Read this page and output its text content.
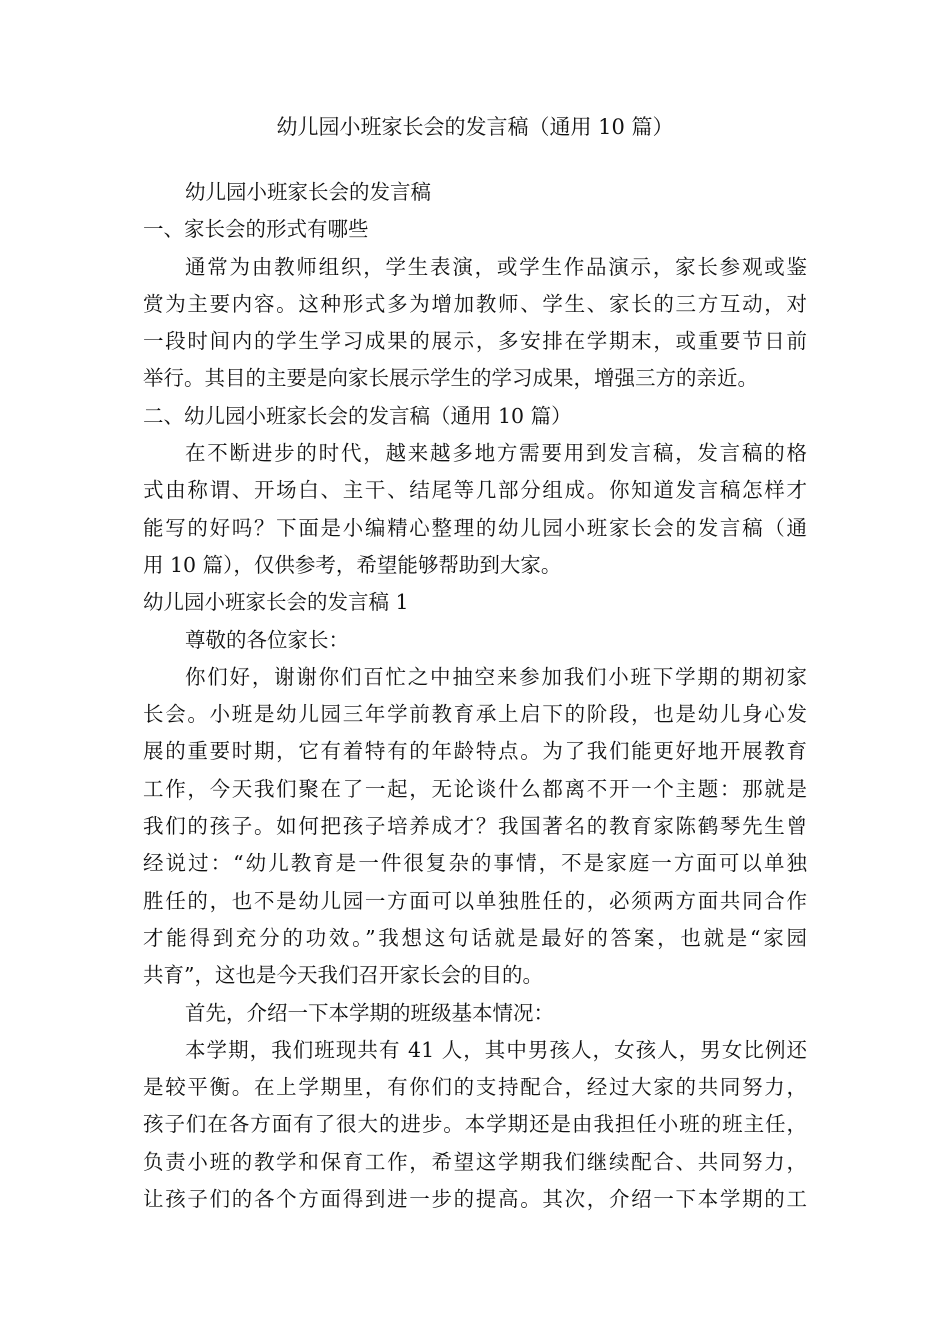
幼儿园小班家长会的发言稿（通用 10 篇）
幼儿园小班家长会的发言稿
一、家长会的形式有哪些
通常为由教师组织，学生表演，或学生作品演示，家长参观或鉴
赏为主要内容。这种形式多为增加教师、学生、家长的三方互动，对
一段时间内的学生学习成果的展示，多安排在学期末，或重要节日前
举行。其目的主要是向家长展示学生的学习成果，增强三方的亲近。
二、幼儿园小班家长会的发言稿（通用 10 篇）
在不断进步的时代，越来越多地方需要用到发言稿，发言稿的格
式由称谓、开场白、主干、结尾等几部分组成。你知道发言稿怎样才
能写的好吗？下面是小编精心整理的幼儿园小班家长会的发言稿（通
用 10 篇），仅供参考，希望能够帮助到大家。
幼儿园小班家长会的发言稿 1
尊敬的各位家长：
你们好，谢谢你们百忙之中抽空来参加我们小班下学期的期初家
长会。小班是幼儿园三年学前教育承上启下的阶段，也是幼儿身心发
展的重要时期，它有着特有的年龄特点。为了我们能更好地开展教育
工作，今天我们聚在了一起，无论谈什么都离不开一个主题：那就是
我们的孩子。如何把孩子培养成才？我国著名的教育家陈鹤琴先生曾
经说过：“幼儿教育是一件很复杂的事情，不是家庭一方面可以单独
胜任的，也不是幼儿园一方面可以单独胜任的，必须两方面共同合作
才能得到充分的功效。”我想这句话就是最好的答案，也就是“家园
共育”，这也是今天我们召开家长会的目的。
首先，介绍一下本学期的班级基本情况：
本学期，我们班现共有 41 人，其中男孩人，女孩人，男女比例还
是较平衡。在上学期里，有你们的支持配合，经过大家的共同努力，
孩子们在各方面有了很大的进步。本学期还是由我担任小班的班主任，
负责小班的教学和保育工作，希望这学期我们继续配合、共同努力，
让孩子们的各个方面得到进一步的提高。其次，介绍一下本学期的工
